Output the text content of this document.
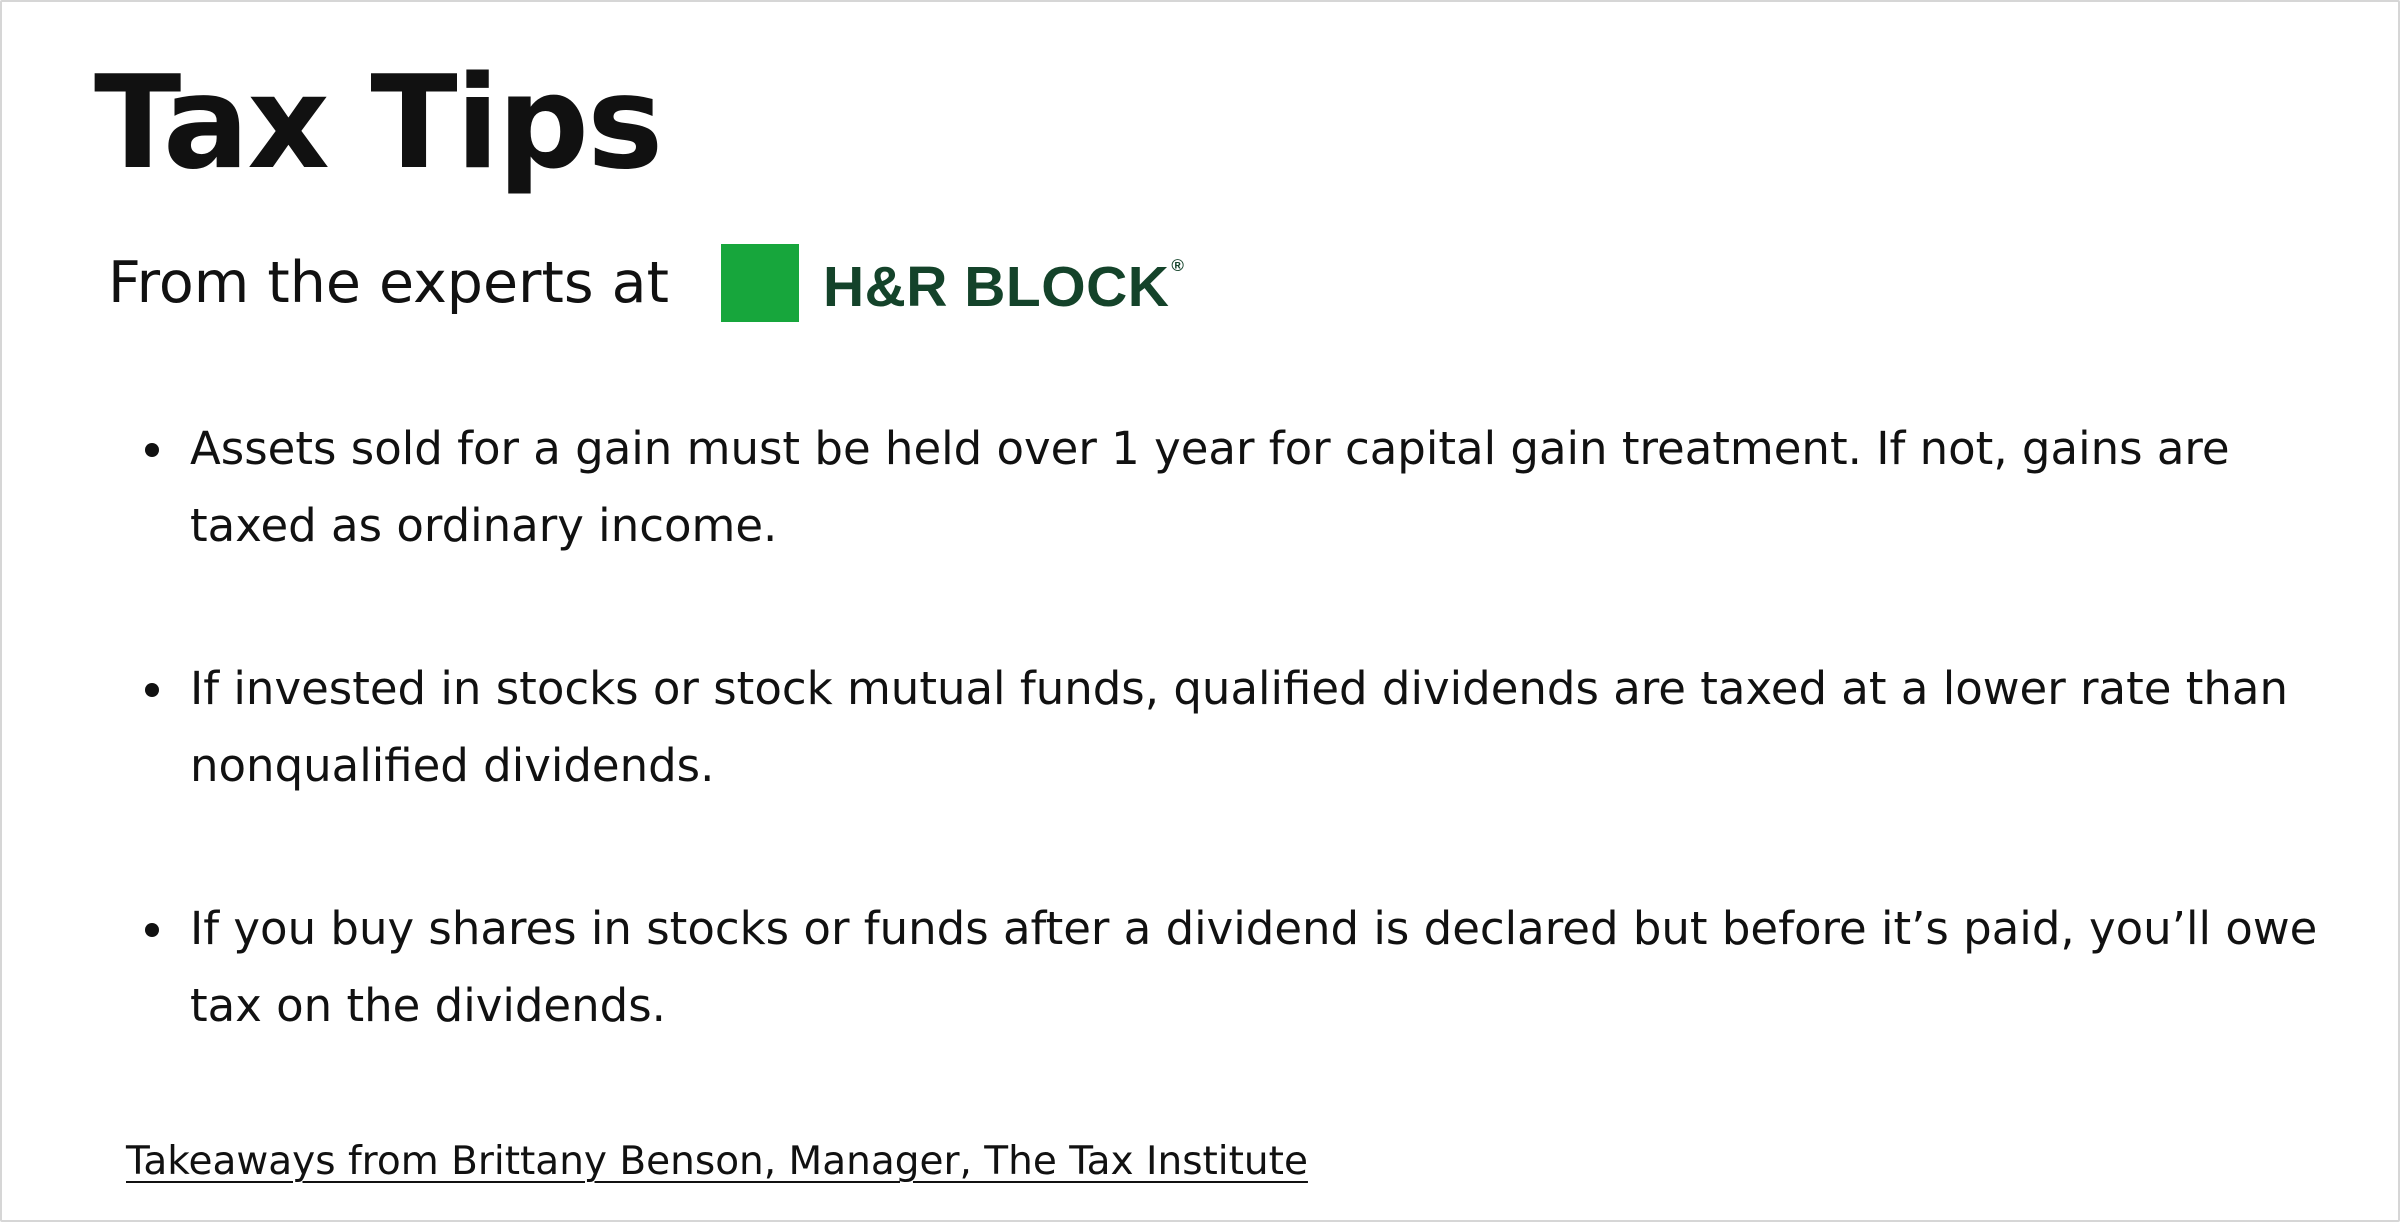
Tax Tips
From the experts at	H&R BLOCK ®
• Assets sold for a gain must be held over 1 year for capital gain treatment. If not, gains are taxed as ordinary income.
• If invested in stocks or stock mutual funds, qualified dividends are taxed at a lower rate than nonqualified dividends.
• If you buy shares in stocks or funds after a dividend is declared but before it’s paid, you’ll owe tax on the dividends.
Takeaways from Brittany Benson, Manager, The Tax Institute
